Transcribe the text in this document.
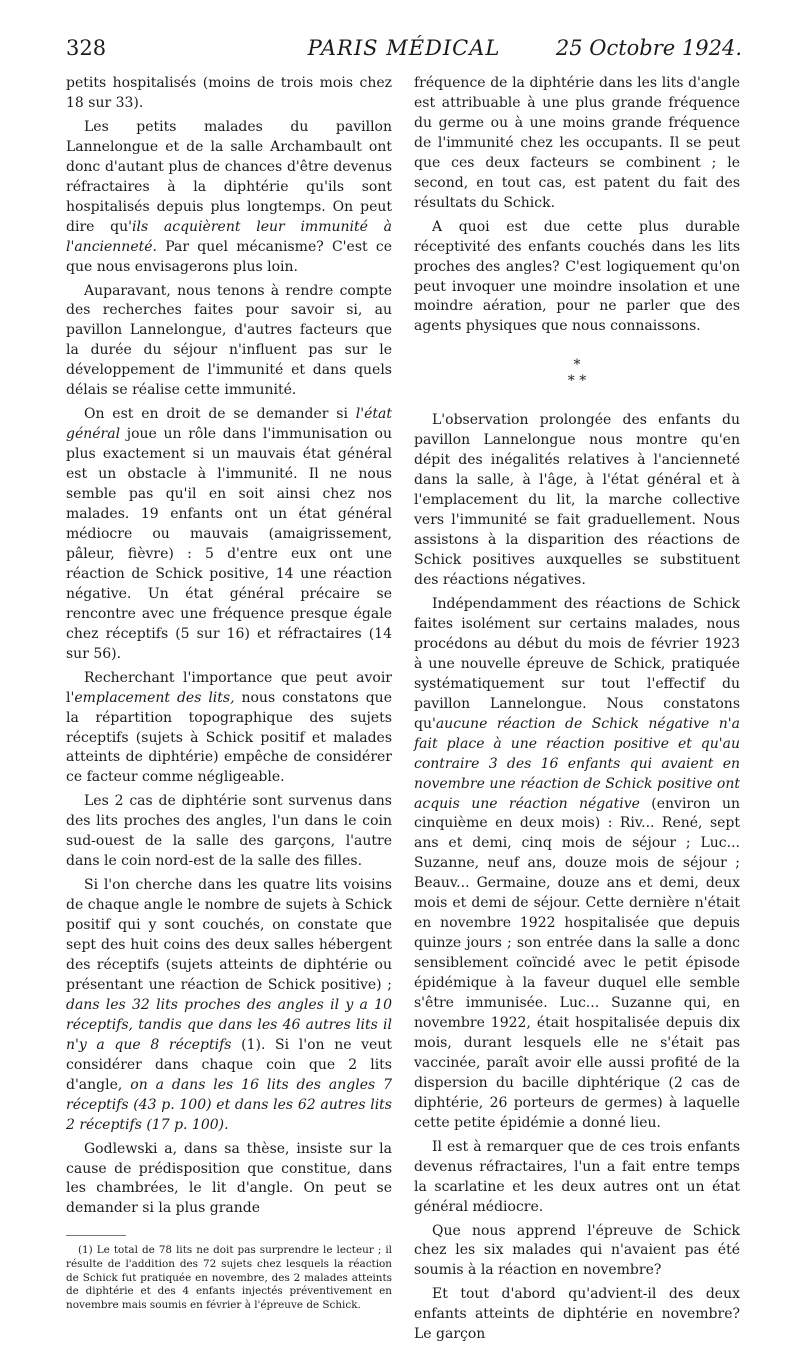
328	PARIS MÉDICAL	25 Octobre 1924.

petits hospitalisés (moins de trois mois chez 18 sur 33).

Les petits malades du pavillon Lannelongue et de la salle Archambault ont donc d'autant plus de chances d'être devenus réfractaires à la diphtérie qu'ils sont hospitalisés depuis plus longtemps. On peut dire qu'ils acquièrent leur immunité à l'ancienneté. Par quel mécanisme? C'est ce que nous envisagerons plus loin.

Auparavant, nous tenons à rendre compte des recherches faites pour savoir si, au pavillon Lannelongue, d'autres facteurs que la durée du séjour n'influent pas sur le développement de l'immunité et dans quels délais se réalise cette immunité.

On est en droit de se demander si l'état général joue un rôle dans l'immunisation ou plus exactement si un mauvais état général est un obstacle à l'immunité. Il ne nous semble pas qu'il en soit ainsi chez nos malades. 19 enfants ont un état général médiocre ou mauvais (amaigrissement, pâleur, fièvre) : 5 d'entre eux ont une réaction de Schick positive, 14 une réaction négative. Un état général précaire se rencontre avec une fréquence presque égale chez réceptifs (5 sur 16) et réfractaires (14 sur 56).

Recherchant l'importance que peut avoir l'emplacement des lits, nous constatons que la répartition topographique des sujets réceptifs (sujets à Schick positif et malades atteints de diphtérie) empêche de considérer ce facteur comme négligeable.

Les 2 cas de diphtérie sont survenus dans des lits proches des angles, l'un dans le coin sud-ouest de la salle des garçons, l'autre dans le coin nord-est de la salle des filles.

Si l'on cherche dans les quatre lits voisins de chaque angle le nombre de sujets à Schick positif qui y sont couchés, on constate que sept des huit coins des deux salles hébergent des réceptifs (sujets atteints de diphtérie ou présentant une réaction de Schick positive) ; dans les 32 lits proches des angles il y a 10 réceptifs, tandis que dans les 46 autres lits il n'y a que 8 réceptifs (1). Si l'on ne veut considérer dans chaque coin que 2 lits d'angle, on a dans les 16 lits des angles 7 réceptifs (43 p. 100) et dans les 62 autres lits 2 réceptifs (17 p. 100).

Godlewski a, dans sa thèse, insiste sur la cause de prédisposition que constitue, dans les chambrées, le lit d'angle. On peut se demander si la plus grande

(1) Le total de 78 lits ne doit pas surprendre le lecteur ; il résulte de l'addition des 72 sujets chez lesquels la réaction de Schick fut pratiquée en novembre, des 2 malades atteints de diphtérie et des 4 enfants injectés préventivement en novembre mais soumis en février à l'épreuve de Schick.

fréquence de la diphtérie dans les lits d'angle est attribuable à une plus grande fréquence du germe ou à une moins grande fréquence de l'immunité chez les occupants. Il se peut que ces deux facteurs se combinent ; le second, en tout cas, est patent du fait des résultats du Schick.

A quoi est due cette plus durable réceptivité des enfants couchés dans les lits proches des angles? C'est logiquement qu'on peut invoquer une moindre insolation et une moindre aération, pour ne parler que des agents physiques que nous connaissons.

*
* *

L'observation prolongée des enfants du pavillon Lannelongue nous montre qu'en dépit des inégalités relatives à l'ancienneté dans la salle, à l'âge, à l'état général et à l'emplacement du lit, la marche collective vers l'immunité se fait graduellement. Nous assistons à la disparition des réactions de Schick positives auxquelles se substituent des réactions négatives.

Indépendamment des réactions de Schick faites isolément sur certains malades, nous procédons au début du mois de février 1923 à une nouvelle épreuve de Schick, pratiquée systématiquement sur tout l'effectif du pavillon Lannelongue. Nous constatons qu'aucune réaction de Schick négative n'a fait place à une réaction positive et qu'au contraire 3 des 16 enfants qui avaient en novembre une réaction de Schick positive ont acquis une réaction négative (environ un cinquième en deux mois) : Riv... René, sept ans et demi, cinq mois de séjour ; Luc... Suzanne, neuf ans, douze mois de séjour ; Beauv... Germaine, douze ans et demi, deux mois et demi de séjour. Cette dernière n'était en novembre 1922 hospitalisée que depuis quinze jours ; son entrée dans la salle a donc sensiblement coïncidé avec le petit épisode épidémique à la faveur duquel elle semble s'être immunisée. Luc... Suzanne qui, en novembre 1922, était hospitalisée depuis dix mois, durant lesquels elle ne s'était pas vaccinée, paraît avoir elle aussi profité de la dispersion du bacille diphtérique (2 cas de diphtérie, 26 porteurs de germes) à laquelle cette petite épidémie a donné lieu.

Il est à remarquer que de ces trois enfants devenus réfractaires, l'un a fait entre temps la scarlatine et les deux autres ont un état général médiocre.

Que nous apprend l'épreuve de Schick chez les six malades qui n'avaient pas été soumis à la réaction en novembre?

Et tout d'abord qu'advient-il des deux enfants atteints de diphtérie en novembre? Le garçon
